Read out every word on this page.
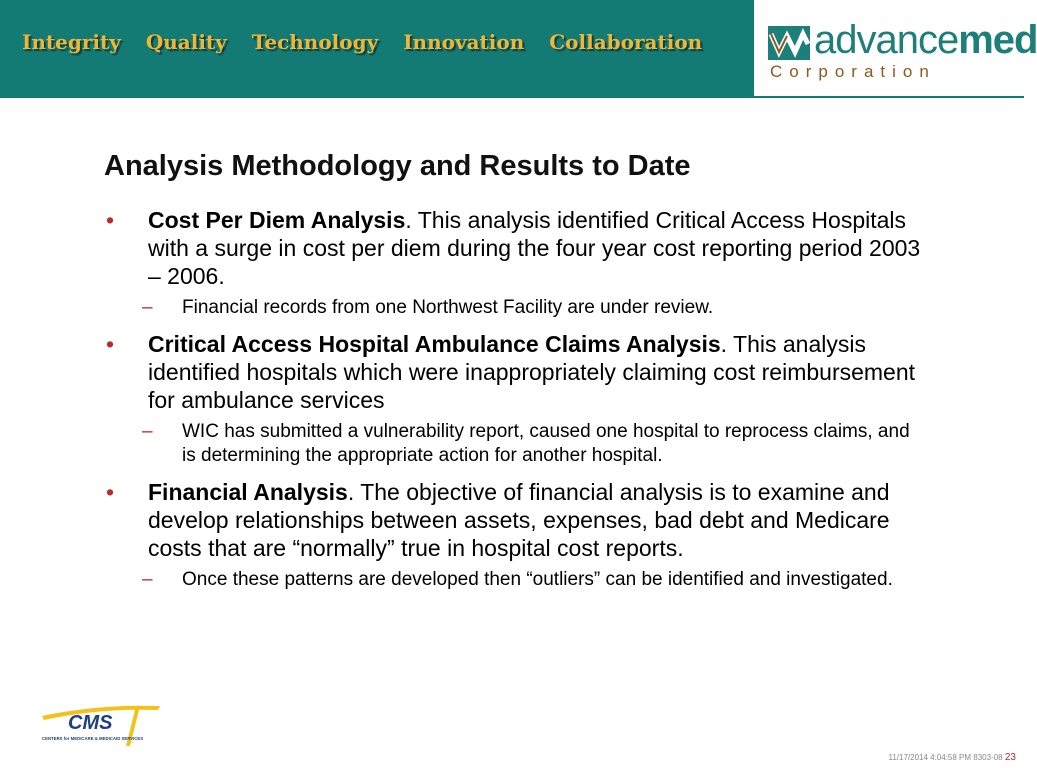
Integrity Quality Technology Innovation Collaboration	advancemed
Corporation
Analysis Methodology and Results to Date
• Cost Per Diem Analysis. This analysis identified Critical Access Hospitals with a surge in cost per diem during the four year cost reporting period 2003 – 2006.
– Financial records from one Northwest Facility are under review.
• Critical Access Hospital Ambulance Claims Analysis. This analysis identified hospitals which were inappropriately claiming cost reimbursement for ambulance services
– WIC has submitted a vulnerability report, caused one hospital to reprocess claims, and is determining the appropriate action for another hospital.
• Financial Analysis. The objective of financial analysis is to examine and develop relationships between assets, expenses, bad debt and Medicare costs that are “normally” true in hospital cost reports.
– Once these patterns are developed then “outliers” can be identified and investigated.
CMS
CENTERS for MEDICARE & MEDICAID SERVICES
11/17/2014 4:04:58 PM 8303-08 23
